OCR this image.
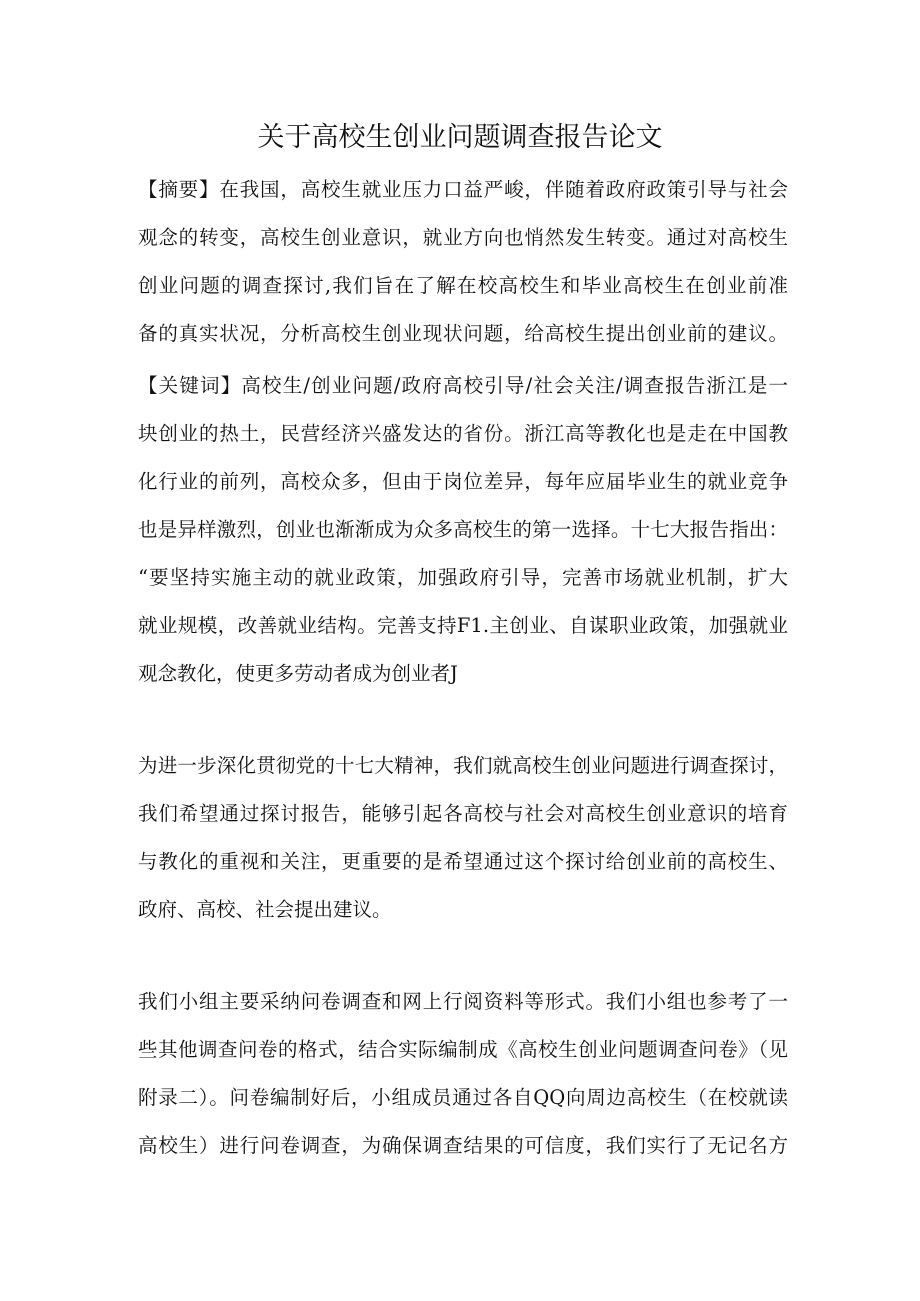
关于高校生创业问题调查报告论文
【摘要】在我国，高校生就业压力口益严峻，伴随着政府政策引导与社会
观念的转变，高校生创业意识，就业方向也悄然发生转变。通过对高校生
创业问题的调查探讨,我们旨在了解在校高校生和毕业高校生在创业前准
备的真实状况，分析高校生创业现状问题，给高校生提出创业前的建议。
【关键词】高校生/创业问题/政府高校引导/社会关注/调查报告浙江是一
块创业的热土，民营经济兴盛发达的省份。浙江高等教化也是走在中国教
化行业的前列，高校众多，但由于岗位差异，每年应届毕业生的就业竞争
也是异样激烈，创业也渐渐成为众多高校生的第一选择。十七大报告指出：
“要坚持实施主动的就业政策，加强政府引导，完善市场就业机制，扩大
就业规模，改善就业结构。完善支持F1.主创业、自谋职业政策，加强就业
观念教化，使更多劳动者成为创业者J
为进一步深化贯彻党的十七大精神，我们就高校生创业问题进行调查探讨，
我们希望通过探讨报告，能够引起各高校与社会对高校生创业意识的培育
与教化的重视和关注，更重要的是希望通过这个探讨给创业前的高校生、
政府、高校、社会提出建议。
我们小组主要采纳问卷调查和网上行阅资料等形式。我们小组也参考了一
些其他调查问卷的格式，结合实际编制成《高校生创业问题调查问卷》（见
附录二）。问卷编制好后，小组成员通过各自QQ向周边高校生（在校就读
高校生）进行问卷调查，为确保调查结果的可信度，我们实行了无记名方
